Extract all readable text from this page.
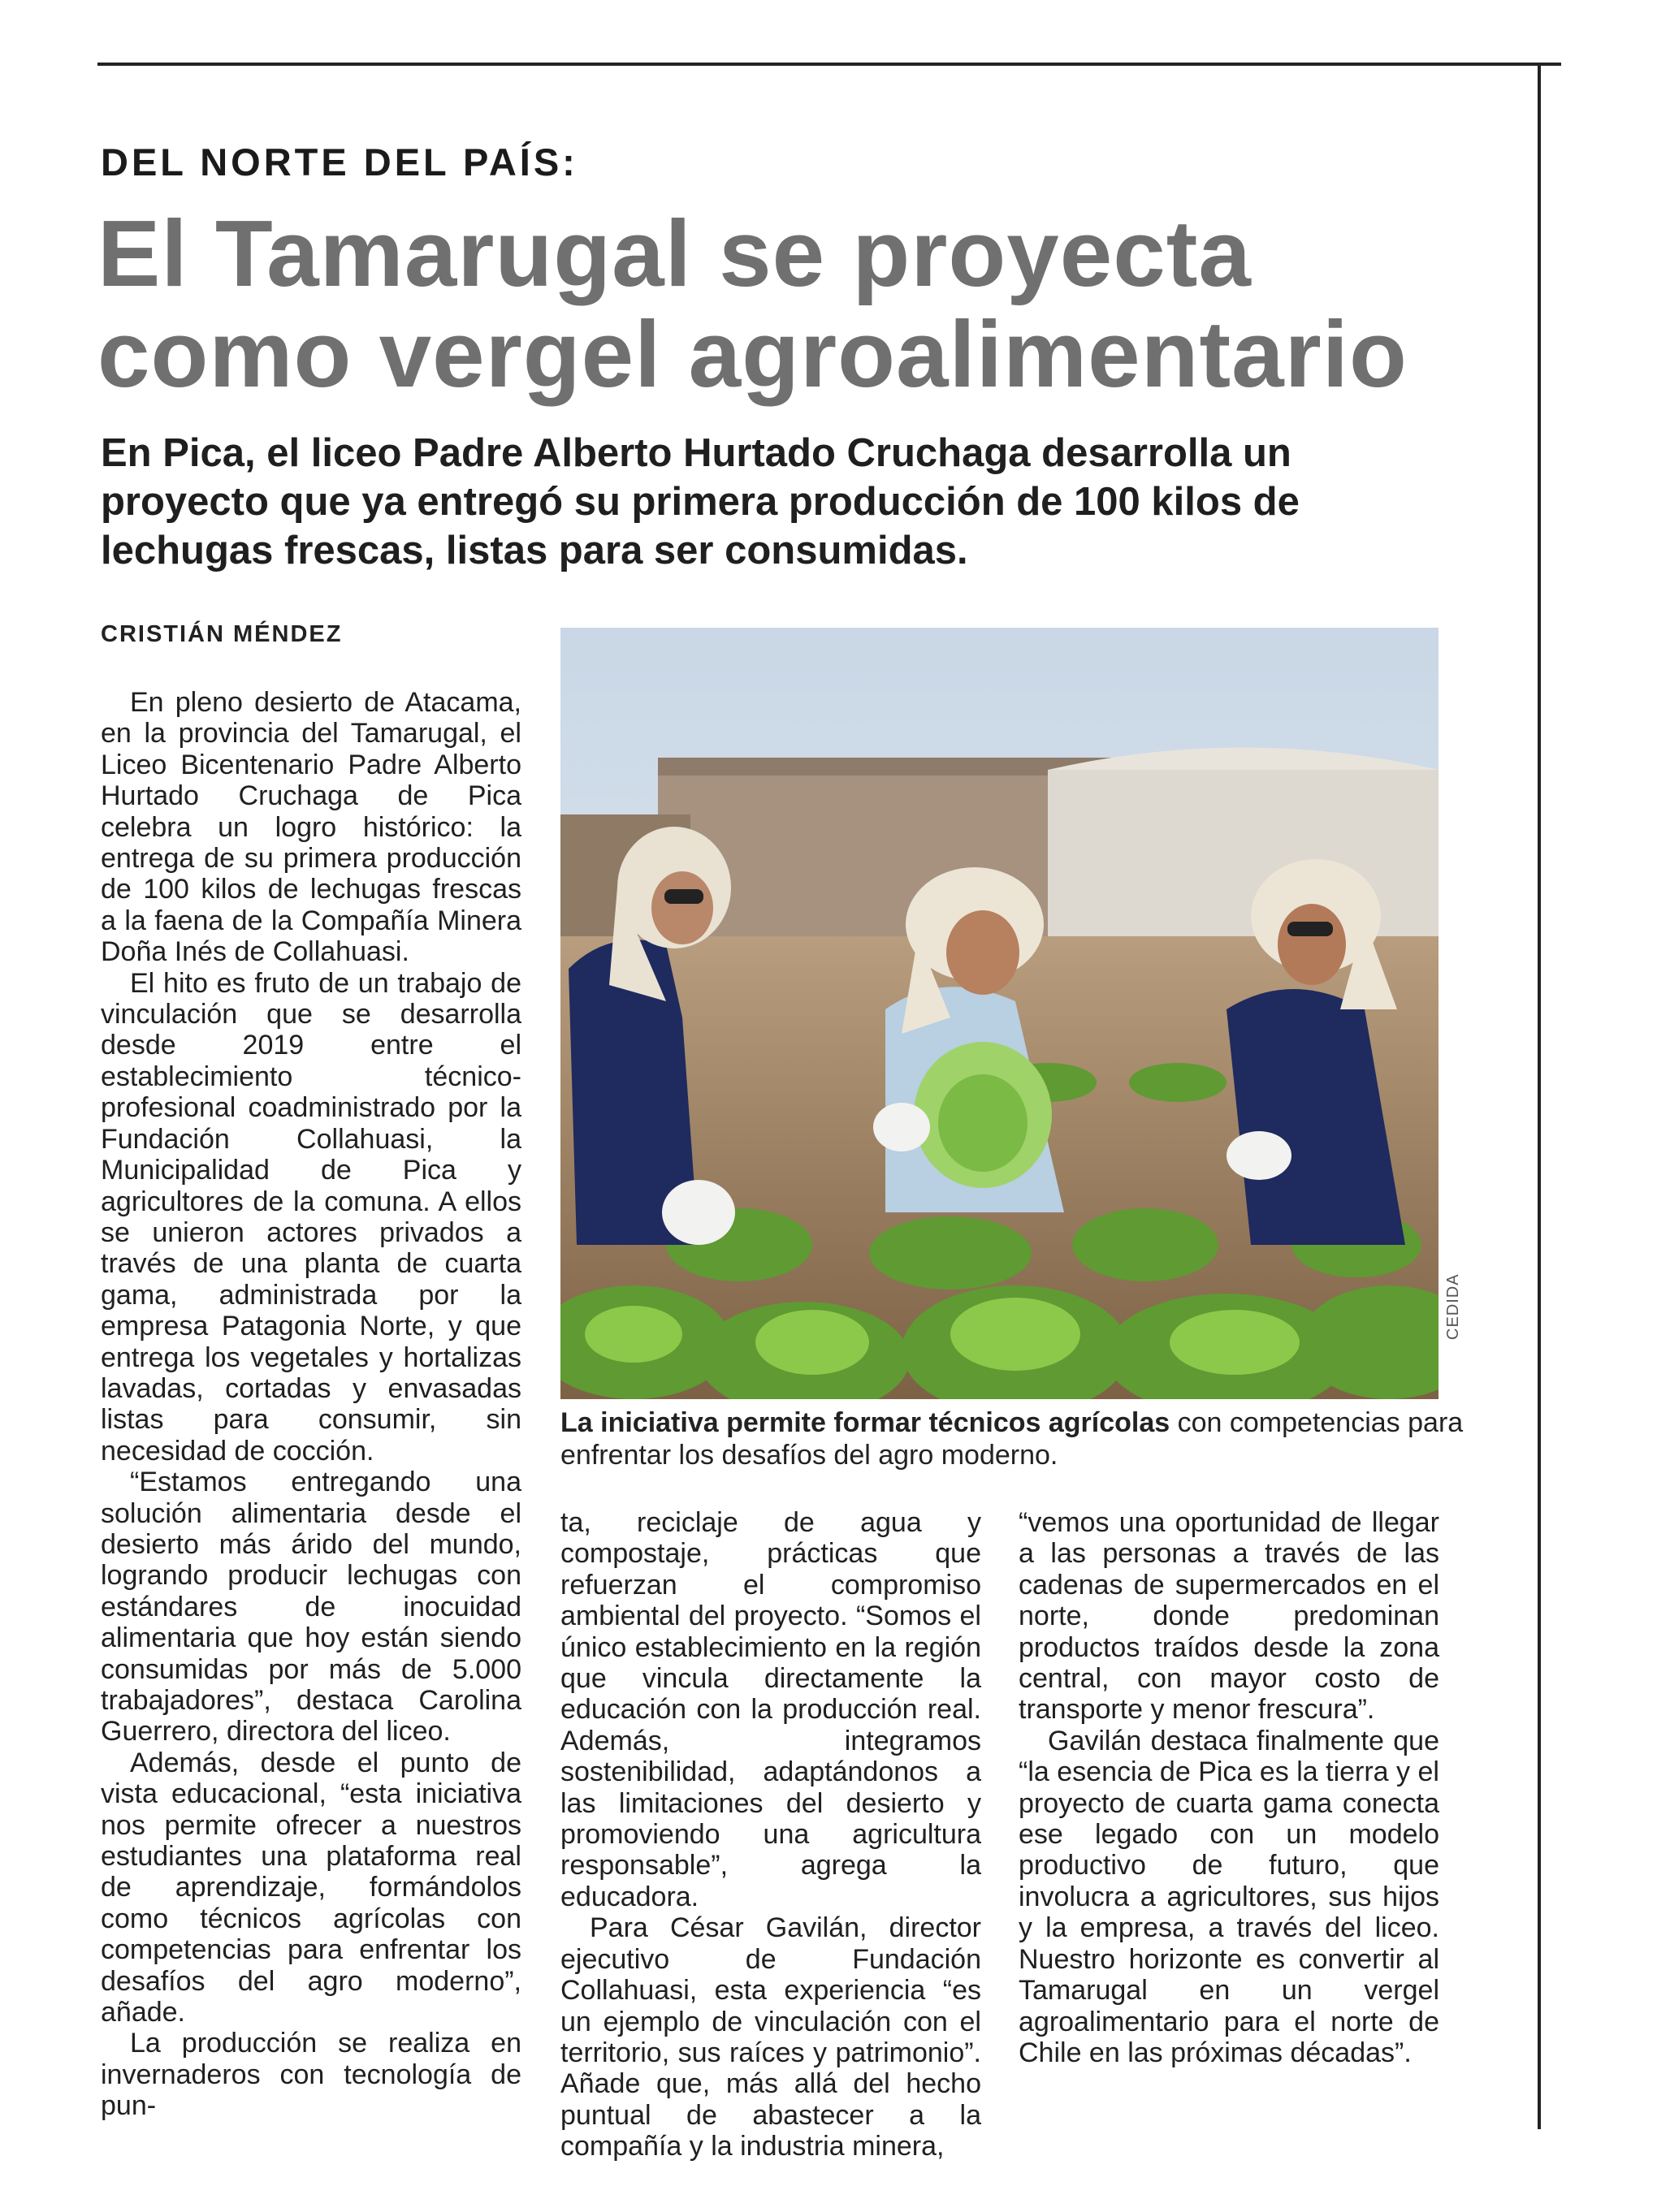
DEL NORTE DEL PAÍS:
El Tamarugal se proyecta
como vergel agroalimentario
En Pica, el liceo Padre Alberto Hurtado Cruchaga desarrolla un proyecto que ya entregó su primera producción de 100 kilos de lechugas frescas, listas para ser consumidas.
CRISTIÁN MÉNDEZ

En pleno desierto de Atacama, en la provincia del Tamarugal, el Liceo Bicentenario Padre Alberto Hurtado Cruchaga de Pica celebra un logro histórico: la entrega de su primera producción de 100 kilos de lechugas frescas a la faena de la Compañía Minera Doña Inés de Collahuasi.

El hito es fruto de un trabajo de vinculación que se desarrolla desde 2019 entre el establecimiento técnico-profesional coadministrado por la Fundación Collahuasi, la Municipalidad de Pica y agricultores de la comuna. A ellos se unieron actores privados a través de una planta de cuarta gama, administrada por la empresa Patagonia Norte, y que entrega los vegetales y hortalizas lavadas, cortadas y envasadas listas para consumir, sin necesidad de cocción.

“Estamos entregando una solución alimentaria desde el desierto más árido del mundo, logrando producir lechugas con estándares de inocuidad alimentaria que hoy están siendo consumidas por más de 5.000 trabajadores”, destaca Carolina Guerrero, directora del liceo.

Además, desde el punto de vista educacional, “esta iniciativa nos permite ofrecer a nuestros estudiantes una plataforma real de aprendizaje, formándolos como técnicos agrícolas con competencias para enfrentar los desafíos del agro moderno”, añade.

La producción se realiza en invernaderos con tecnología de pun-

CEDIDA
La iniciativa permite formar técnicos agrícolas con competencias para enfrentar los desafíos del agro moderno.

ta, reciclaje de agua y compostaje, prácticas que refuerzan el compromiso ambiental del proyecto. “Somos el único establecimiento en la región que vincula directamente la educación con la producción real. Además, integramos sostenibilidad, adaptándonos a las limitaciones del desierto y promoviendo una agricultura responsable”, agrega la educadora.

Para César Gavilán, director ejecutivo de Fundación Collahuasi, esta experiencia “es un ejemplo de vinculación con el territorio, sus raíces y patrimonio”. Añade que, más allá del hecho puntual de abastecer a la compañía y la industria minera,

“vemos una oportunidad de llegar a las personas a través de las cadenas de supermercados en el norte, donde predominan productos traídos desde la zona central, con mayor costo de transporte y menor frescura”.

Gavilán destaca finalmente que “la esencia de Pica es la tierra y el proyecto de cuarta gama conecta ese legado con un modelo productivo de futuro, que involucra a agricultores, sus hijos y la empresa, a través del liceo. Nuestro horizonte es convertir al Tamarugal en un vergel agroalimentario para el norte de Chile en las próximas décadas”.
